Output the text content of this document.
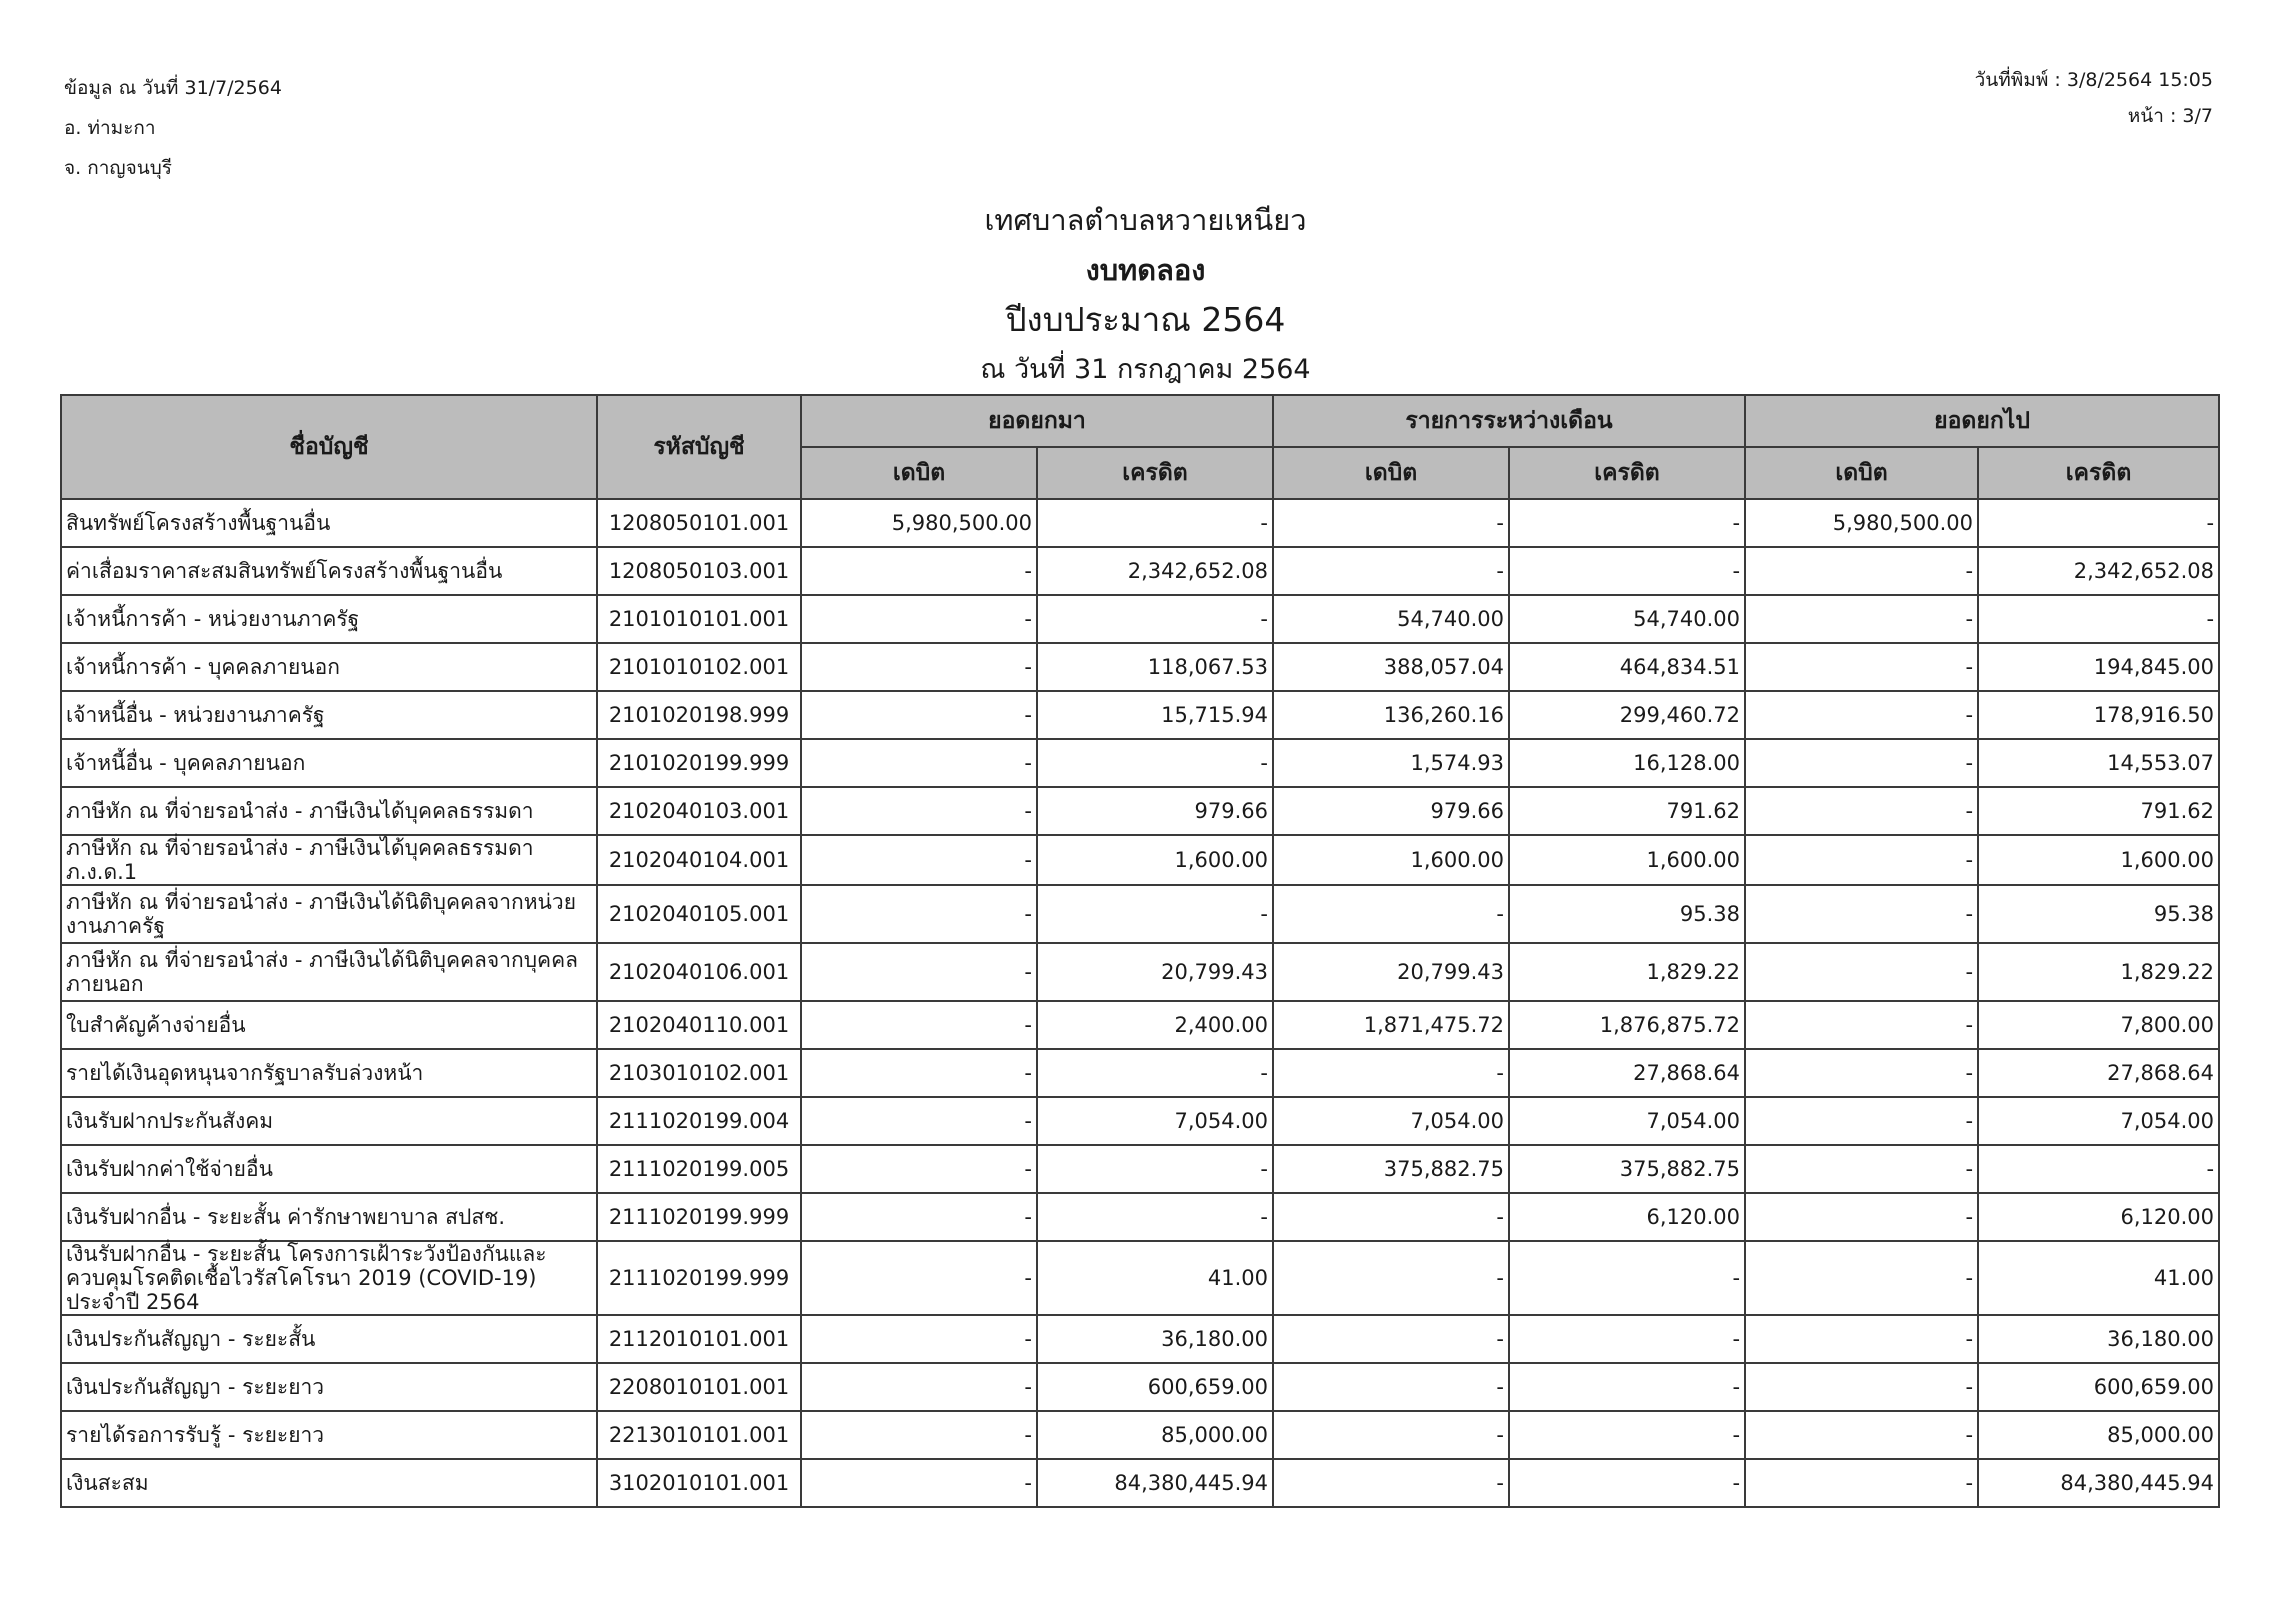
ข้อมูล ณ วันที่ 31/7/2564
อ. ท่ามะกา
จ. กาญจนบุรี
วันที่พิมพ์ : 3/8/2564 15:05
หน้า : 3/7
เทศบาลตำบลหวายเหนียว
งบทดลอง
ปีงบประมาณ 2564
ณ วันที่ 31 กรกฎาคม 2564
ชื่อบัญชี	รหัสบัญชี	ยอดยกมา		รายการระหว่างเดือน		ยอดยกไป	
		เดบิต	เครดิต	เดบิต	เครดิต	เดบิต	เครดิต
สินทรัพย์โครงสร้างพื้นฐานอื่น	1208050101.001	5,980,500.00	-	-	-	5,980,500.00	-
ค่าเสื่อมราคาสะสมสินทรัพย์โครงสร้างพื้นฐานอื่น	1208050103.001	-	2,342,652.08	-	-	-	2,342,652.08
เจ้าหนี้การค้า - หน่วยงานภาครัฐ	2101010101.001	-	-	54,740.00	54,740.00	-	-
เจ้าหนี้การค้า - บุคคลภายนอก	2101010102.001	-	118,067.53	388,057.04	464,834.51	-	194,845.00
เจ้าหนี้อื่น - หน่วยงานภาครัฐ	2101020198.999	-	15,715.94	136,260.16	299,460.72	-	178,916.50
เจ้าหนี้อื่น - บุคคลภายนอก	2101020199.999	-	-	1,574.93	16,128.00	-	14,553.07
ภาษีหัก ณ ที่จ่ายรอนำส่ง - ภาษีเงินได้บุคคลธรรมดา	2102040103.001	-	979.66	979.66	791.62	-	791.62
ภาษีหัก ณ ที่จ่ายรอนำส่ง - ภาษีเงินได้บุคคลธรรมดา ภ.ง.ด.1	2102040104.001	-	1,600.00	1,600.00	1,600.00	-	1,600.00
ภาษีหัก ณ ที่จ่ายรอนำส่ง - ภาษีเงินได้นิติบุคคลจากหน่วยงานภาครัฐ	2102040105.001	-	-	-	95.38	-	95.38
ภาษีหัก ณ ที่จ่ายรอนำส่ง - ภาษีเงินได้นิติบุคคลจากบุคคลภายนอก	2102040106.001	-	20,799.43	20,799.43	1,829.22	-	1,829.22
ใบสำคัญค้างจ่ายอื่น	2102040110.001	-	2,400.00	1,871,475.72	1,876,875.72	-	7,800.00
รายได้เงินอุดหนุนจากรัฐบาลรับล่วงหน้า	2103010102.001	-	-	-	27,868.64	-	27,868.64
เงินรับฝากประกันสังคม	2111020199.004	-	7,054.00	7,054.00	7,054.00	-	7,054.00
เงินรับฝากค่าใช้จ่ายอื่น	2111020199.005	-	-	375,882.75	375,882.75	-	-
เงินรับฝากอื่น - ระยะสั้น ค่ารักษาพยาบาล สปสช.	2111020199.999	-	-	-	6,120.00	-	6,120.00
เงินรับฝากอื่น - ระยะสั้น โครงการเฝ้าระวังป้องกันและควบคุมโรคติดเชื้อไวรัสโคโรนา 2019 (COVID-19) ประจำปี 2564	2111020199.999	-	41.00	-	-	-	41.00
เงินประกันสัญญา - ระยะสั้น	2112010101.001	-	36,180.00	-	-	-	36,180.00
เงินประกันสัญญา - ระยะยาว	2208010101.001	-	600,659.00	-	-	-	600,659.00
รายได้รอการรับรู้ - ระยะยาว	2213010101.001	-	85,000.00	-	-	-	85,000.00
เงินสะสม	3102010101.001	-	84,380,445.94	-	-	-	84,380,445.94
